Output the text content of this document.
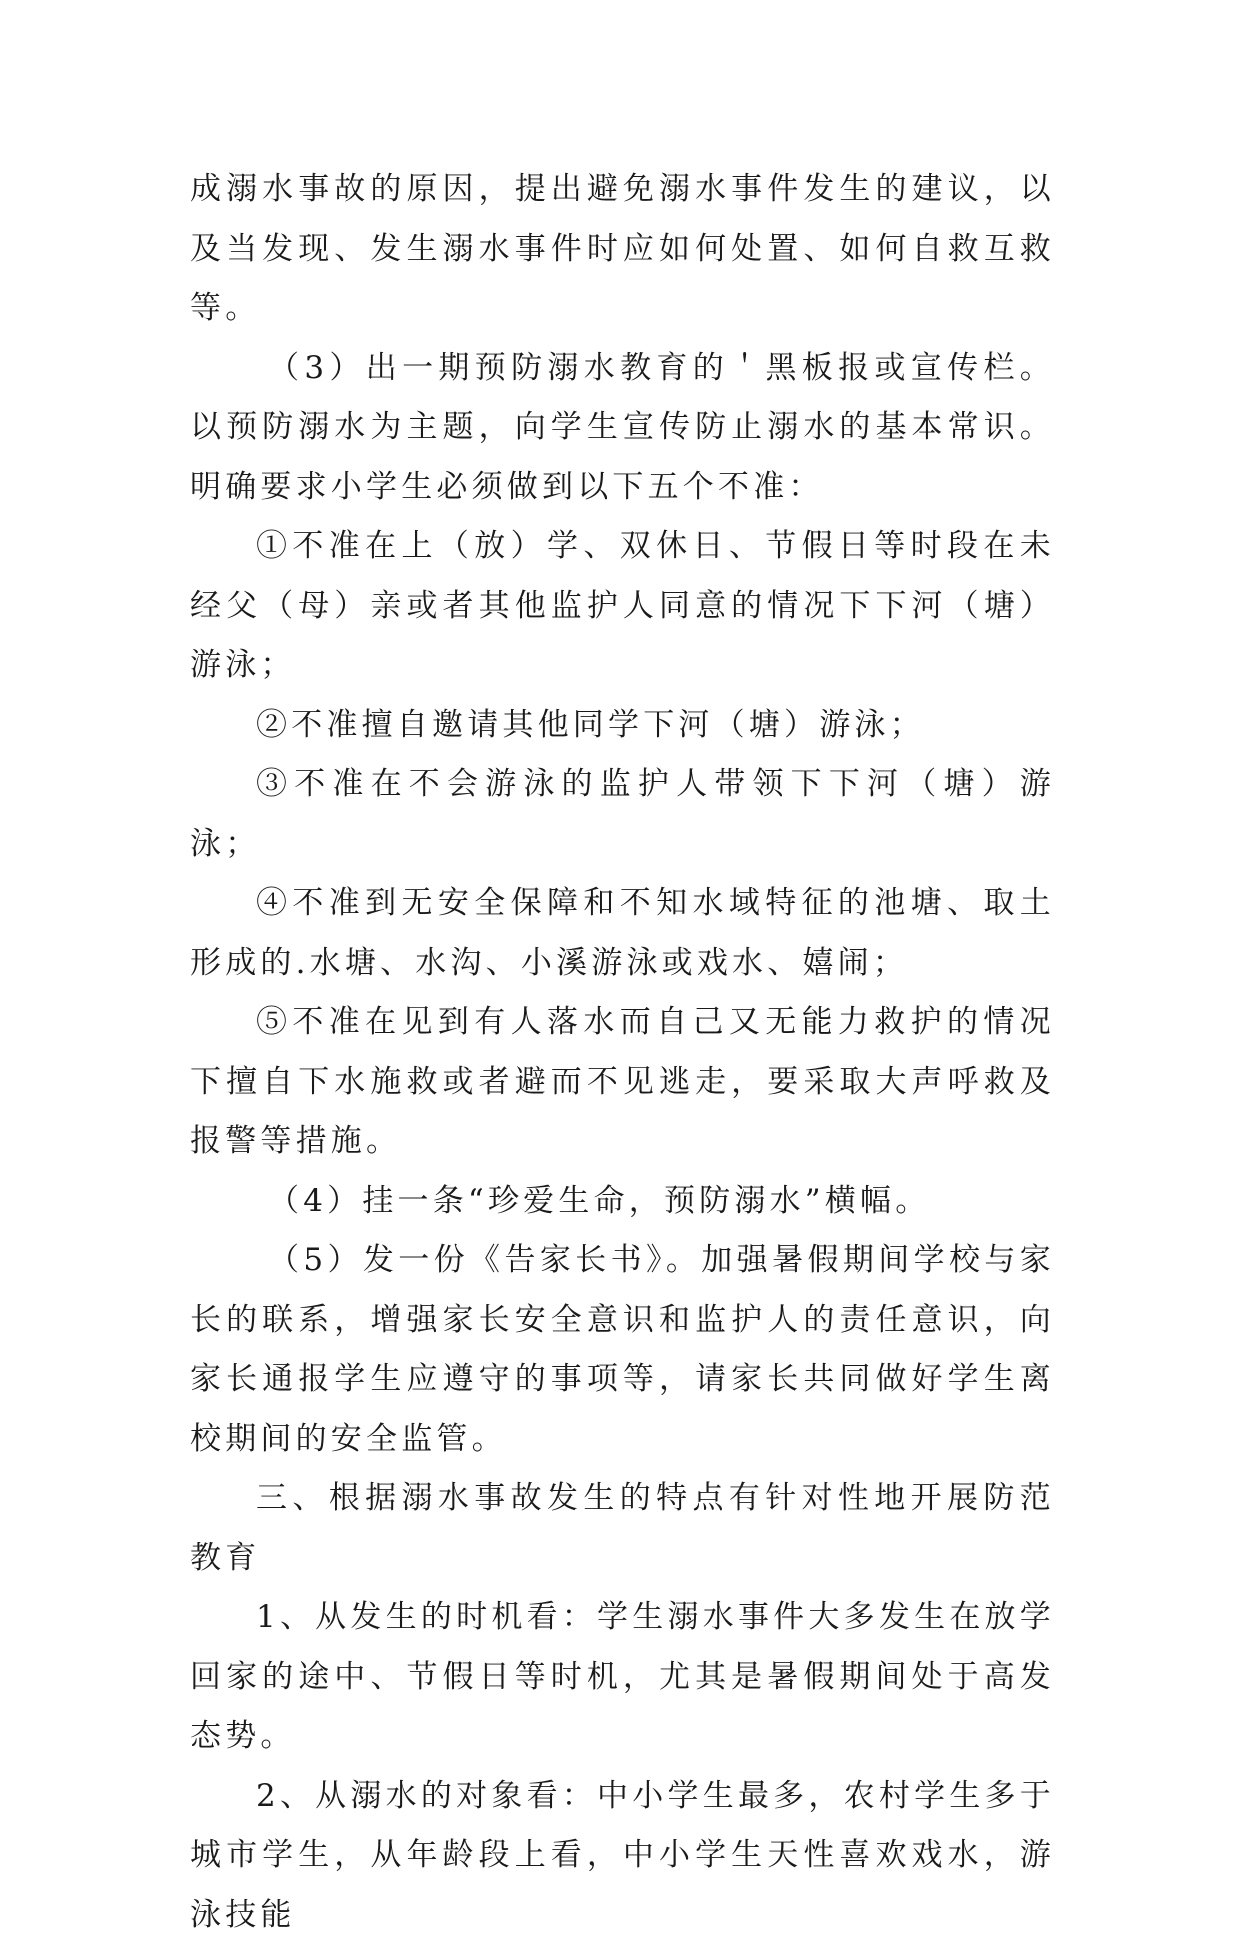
成溺水事故的原因，提出避免溺水事件发生的建议，以及当发现、发生溺水事件时应如何处置、如何自救互救等。

（3）出一期预防溺水教育的＇黑板报或宣传栏。以预防溺水为主题，向学生宣传防止溺水的基本常识。明确要求小学生必须做到以下五个不准：

①不准在上（放）学、双休日、节假日等时段在未经父（母）亲或者其他监护人同意的情况下下河（塘）游泳；

②不准擅自邀请其他同学下河（塘）游泳；

③不准在不会游泳的监护人带领下下河（塘）游泳；

④不准到无安全保障和不知水域特征的池塘、取土形成的.水塘、水沟、小溪游泳或戏水、嬉闹；

⑤不准在见到有人落水而自己又无能力救护的情况下擅自下水施救或者避而不见逃走，要采取大声呼救及报警等措施。

（4）挂一条“珍爱生命，预防溺水”横幅。

（5）发一份《告家长书》。加强暑假期间学校与家长的联系，增强家长安全意识和监护人的责任意识，向家长通报学生应遵守的事项等，请家长共同做好学生离校期间的安全监管。

三、根据溺水事故发生的特点有针对性地开展防范教育

1、从发生的时机看：学生溺水事件大多发生在放学回家的途中、节假日等时机，尤其是暑假期间处于高发态势。

2、从溺水的对象看：中小学生最多，农村学生多于城市学生，从年龄段上看，中小学生天性喜欢戏水，游泳技能
